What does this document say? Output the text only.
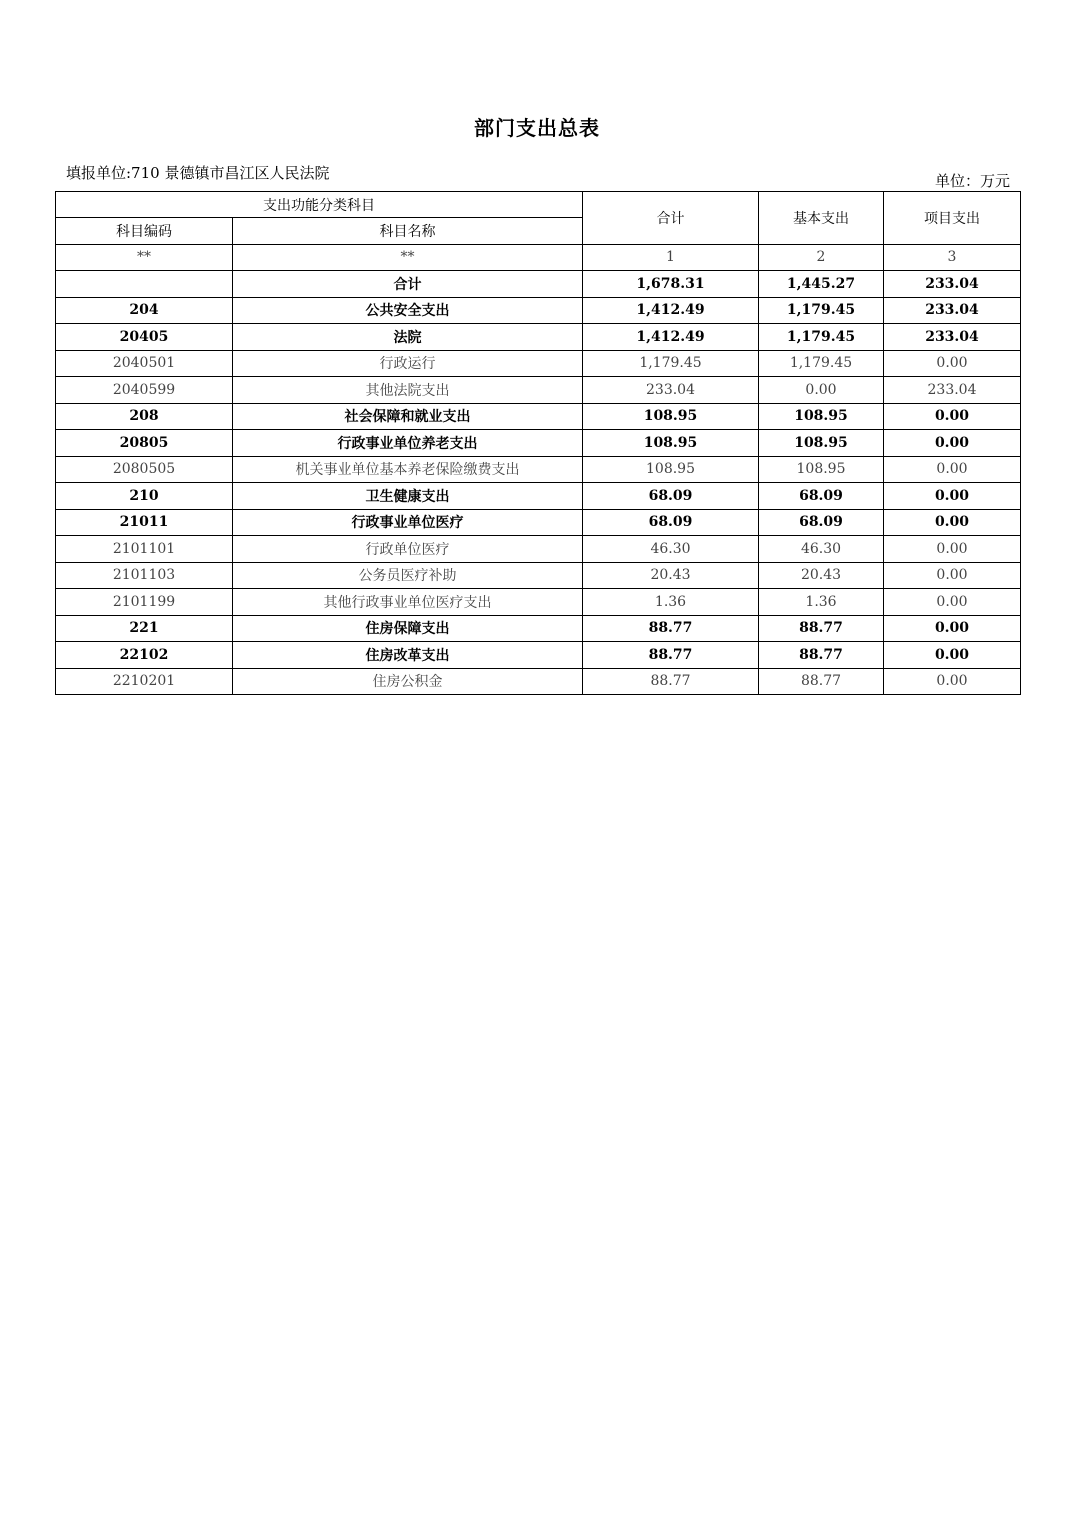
部门支出总表
填报单位:710 景德镇市昌江区人民法院	单位：万元
支出功能分类科目		合计	基本支出	项目支出
科目编码	科目名称			
**	**	1	2	3
	合计	1,678.31	1,445.27	233.04
204	公共安全支出	1,412.49	1,179.45	233.04
20405	法院	1,412.49	1,179.45	233.04
2040501	行政运行	1,179.45	1,179.45	0.00
2040599	其他法院支出	233.04	0.00	233.04
208	社会保障和就业支出	108.95	108.95	0.00
20805	行政事业单位养老支出	108.95	108.95	0.00
2080505	机关事业单位基本养老保险缴费支出	108.95	108.95	0.00
210	卫生健康支出	68.09	68.09	0.00
21011	行政事业单位医疗	68.09	68.09	0.00
2101101	行政单位医疗	46.30	46.30	0.00
2101103	公务员医疗补助	20.43	20.43	0.00
2101199	其他行政事业单位医疗支出	1.36	1.36	0.00
221	住房保障支出	88.77	88.77	0.00
22102	住房改革支出	88.77	88.77	0.00
2210201	住房公积金	88.77	88.77	0.00
